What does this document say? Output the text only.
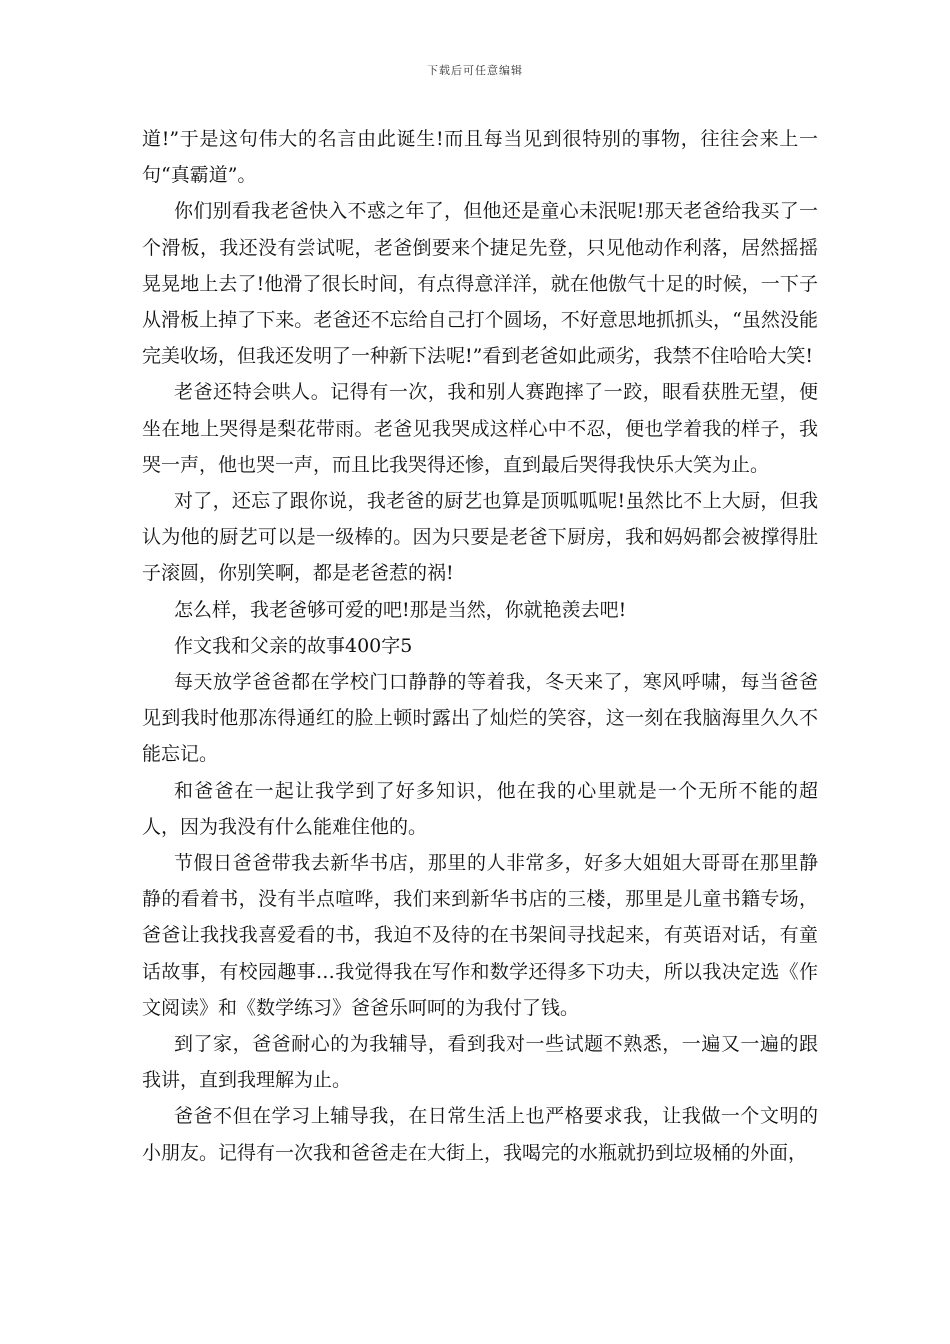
下载后可任意编辑

道!”于是这句伟大的名言由此诞生!而且每当见到很特别的事物，往往会来上一句“真霸道”。

你们别看我老爸快入不惑之年了，但他还是童心未泯呢!那天老爸给我买了一个滑板，我还没有尝试呢，老爸倒要来个捷足先登，只见他动作利落，居然摇摇晃晃地上去了!他滑了很长时间，有点得意洋洋，就在他傲气十足的时候，一下子从滑板上掉了下来。老爸还不忘给自己打个圆场，不好意思地抓抓头，“虽然没能完美收场，但我还发明了一种新下法呢!”看到老爸如此顽劣，我禁不住哈哈大笑!

老爸还特会哄人。记得有一次，我和别人赛跑摔了一跤，眼看获胜无望，便坐在地上哭得是梨花带雨。老爸见我哭成这样心中不忍，便也学着我的样子，我哭一声，他也哭一声，而且比我哭得还惨，直到最后哭得我快乐大笑为止。

对了，还忘了跟你说，我老爸的厨艺也算是顶呱呱呢!虽然比不上大厨，但我认为他的厨艺可以是一级棒的。因为只要是老爸下厨房，我和妈妈都会被撑得肚子滚圆，你别笑啊，都是老爸惹的祸!

怎么样，我老爸够可爱的吧!那是当然，你就艳羡去吧!

作文我和父亲的故事400字5

每天放学爸爸都在学校门口静静的等着我，冬天来了，寒风呼啸，每当爸爸见到我时他那冻得通红的脸上顿时露出了灿烂的笑容，这一刻在我脑海里久久不能忘记。

和爸爸在一起让我学到了好多知识，他在我的心里就是一个无所不能的超人，因为我没有什么能难住他的。

节假日爸爸带我去新华书店，那里的人非常多，好多大姐姐大哥哥在那里静静的看着书，没有半点喧哗，我们来到新华书店的三楼，那里是儿童书籍专场，爸爸让我找我喜爱看的书，我迫不及待的在书架间寻找起来，有英语对话，有童话故事，有校园趣事…我觉得我在写作和数学还得多下功夫，所以我决定选《作文阅读》和《数学练习》爸爸乐呵呵的为我付了钱。

到了家，爸爸耐心的为我辅导，看到我对一些试题不熟悉，一遍又一遍的跟我讲，直到我理解为止。

爸爸不但在学习上辅导我，在日常生活上也严格要求我，让我做一个文明的小朋友。记得有一次我和爸爸走在大街上，我喝完的水瓶就扔到垃圾桶的外面，
